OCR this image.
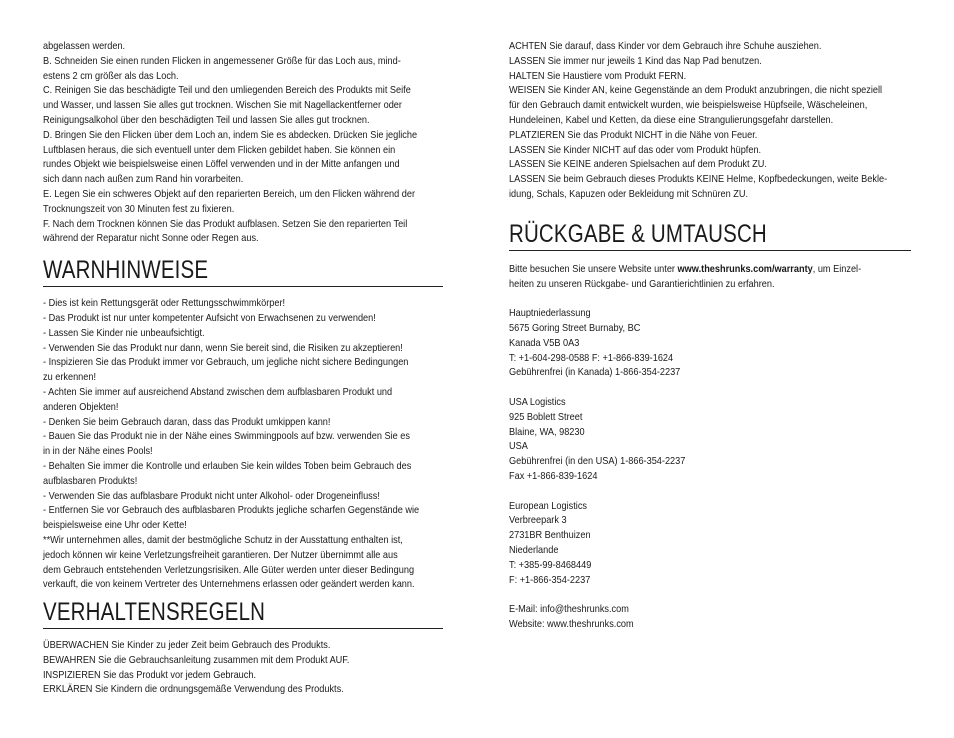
abgelassen werden.
B. Schneiden Sie einen runden Flicken in angemessener Größe für das Loch aus, mind-
estens 2 cm größer als das Loch.
C. Reinigen Sie das beschädigte Teil und den umliegenden Bereich des Produkts mit Seife
und Wasser, und lassen Sie alles gut trocknen. Wischen Sie mit Nagellackentferner oder
Reinigungsalkohol über den beschädigten Teil und lassen Sie alles gut trocknen.
D. Bringen Sie den Flicken über dem Loch an, indem Sie es abdecken. Drücken Sie jegliche
Luftblasen heraus, die sich eventuell unter dem Flicken gebildet haben. Sie können ein
rundes Objekt wie beispielsweise einen Löffel verwenden und in der Mitte anfangen und
sich dann nach außen zum Rand hin vorarbeiten.
E. Legen Sie ein schweres Objekt auf den reparierten Bereich, um den Flicken während der
Trocknungszeit von 30 Minuten fest zu fixieren.
F. Nach dem Trocknen können Sie das Produkt aufblasen. Setzen Sie den reparierten Teil
während der Reparatur nicht Sonne oder Regen aus.
WARNHINWEISE
- Dies ist kein Rettungsgerät oder Rettungsschwimmkörper!
- Das Produkt ist nur unter kompetenter Aufsicht von Erwachsenen zu verwenden!
- Lassen Sie Kinder nie unbeaufsichtigt.
- Verwenden Sie das Produkt nur dann, wenn Sie bereit sind, die Risiken zu akzeptieren!
- Inspizieren Sie das Produkt immer vor Gebrauch, um jegliche nicht sichere Bedingungen
zu erkennen!
- Achten Sie immer auf ausreichend Abstand zwischen dem aufblasbaren Produkt und
anderen Objekten!
- Denken Sie beim Gebrauch daran, dass das Produkt umkippen kann!
- Bauen Sie das Produkt nie in der Nähe eines Swimmingpools auf bzw. verwenden Sie es
in in der Nähe eines Pools!
- Behalten Sie immer die Kontrolle und erlauben Sie kein wildes Toben beim Gebrauch des
aufblasbaren Produkts!
- Verwenden Sie das aufblasbare Produkt nicht unter Alkohol- oder Drogeneinfluss!
- Entfernen Sie vor Gebrauch des aufblasbaren Produkts jegliche scharfen Gegenstände wie
beispielsweise eine Uhr oder Kette!
**Wir unternehmen alles, damit der bestmögliche Schutz in der Ausstattung enthalten ist,
jedoch können wir keine Verletzungsfreiheit garantieren. Der Nutzer übernimmt alle aus
dem Gebrauch entstehenden Verletzungsrisiken. Alle Güter werden unter dieser Bedingung
verkauft, die von keinem Vertreter des Unternehmens erlassen oder geändert werden kann.
VERHALTENSREGELN
ÜBERWACHEN Sie Kinder zu jeder Zeit beim Gebrauch des Produkts.
BEWAHREN Sie die Gebrauchsanleitung zusammen mit dem Produkt AUF.
INSPIZIEREN Sie das Produkt vor jedem Gebrauch.
ERKLÄREN Sie Kindern die ordnungsgemäße Verwendung des Produkts.
ACHTEN Sie darauf, dass Kinder vor dem Gebrauch ihre Schuhe ausziehen.
LASSEN Sie immer nur jeweils 1 Kind das Nap Pad benutzen.
HALTEN Sie Haustiere vom Produkt FERN.
WEISEN Sie Kinder AN, keine Gegenstände an dem Produkt anzubringen, die nicht speziell
für den Gebrauch damit entwickelt wurden, wie beispielsweise Hüpfseile, Wäscheleinen,
Hundeleinen, Kabel und Ketten, da diese eine Strangulierungsgefahr darstellen.
PLATZIEREN Sie das Produkt NICHT in die Nähe von Feuer.
LASSEN Sie Kinder NICHT auf das oder vom Produkt hüpfen.
LASSEN Sie KEINE anderen Spielsachen auf dem Produkt ZU.
LASSEN Sie beim Gebrauch dieses Produkts KEINE Helme, Kopfbedeckungen, weite Bekle-
idung, Schals, Kapuzen oder Bekleidung mit Schnüren ZU.
RÜCKGABE & UMTAUSCH
Bitte besuchen Sie unsere Website unter www.theshrunks.com/warranty, um Einzel-
heiten zu unseren Rückgabe- und Garantierichtlinien zu erfahren.
Hauptniederlassung
5675 Goring Street Burnaby, BC
Kanada V5B 0A3
T: +1-604-298-0588 F: +1-866-839-1624
Gebührenfrei (in Kanada) 1-866-354-2237
USA Logistics
925 Boblett Street
Blaine, WA, 98230
USA
Gebührenfrei (in den USA) 1-866-354-2237
Fax +1-866-839-1624
European Logistics
Verbreepark 3
2731BR Benthuizen
Niederlande
T: +385-99-8468449
F: +1-866-354-2237
E-Mail: info@theshrunks.com
Website: www.theshrunks.com
